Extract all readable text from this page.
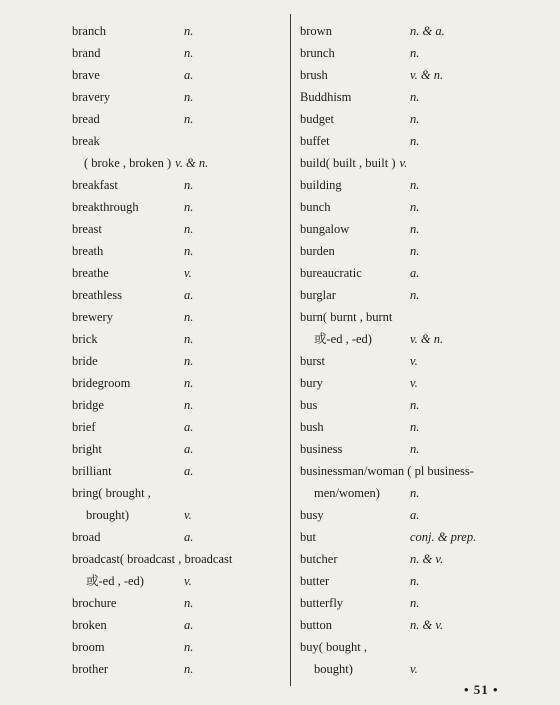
branch	n.
brand	n.
brave	a.
bravery	n.
bread	n.
break
( broke , broken ) v. & n.
breakfast	n.
breakthrough	n.
breast	n.
breath	n.
breathe	v.
breathless	a.
brewery	n.
brick	n.
bride	n.
bridegroom	n.
bridge	n.
brief	a.
bright	a.
brilliant	a.
bring( brought ,
brought)	v.
broad	a.
broadcast( broadcast , broadcast
或-ed , -ed)	v.
brochure	n.
broken	a.
broom	n.
brother	n.
brown	n. & a.
brunch	n.
brush	v. & n.
Buddhism	n.
budget	n.
buffet	n.
build( built , built ) v.
building	n.
bunch	n.
bungalow	n.
burden	n.
bureaucratic	a.
burglar	n.
burn( burnt , burnt
或-ed , -ed)	v. & n.
burst	v.
bury	v.
bus	n.
bush	n.
business	n.
businessman/woman ( pl business-
men/women) n.
busy	a.
but	conj. & prep.
butcher	n. & v.
butter	n.
butterfly	n.
button	n. & v.
buy( bought ,
bought)	v.
• 51 •
